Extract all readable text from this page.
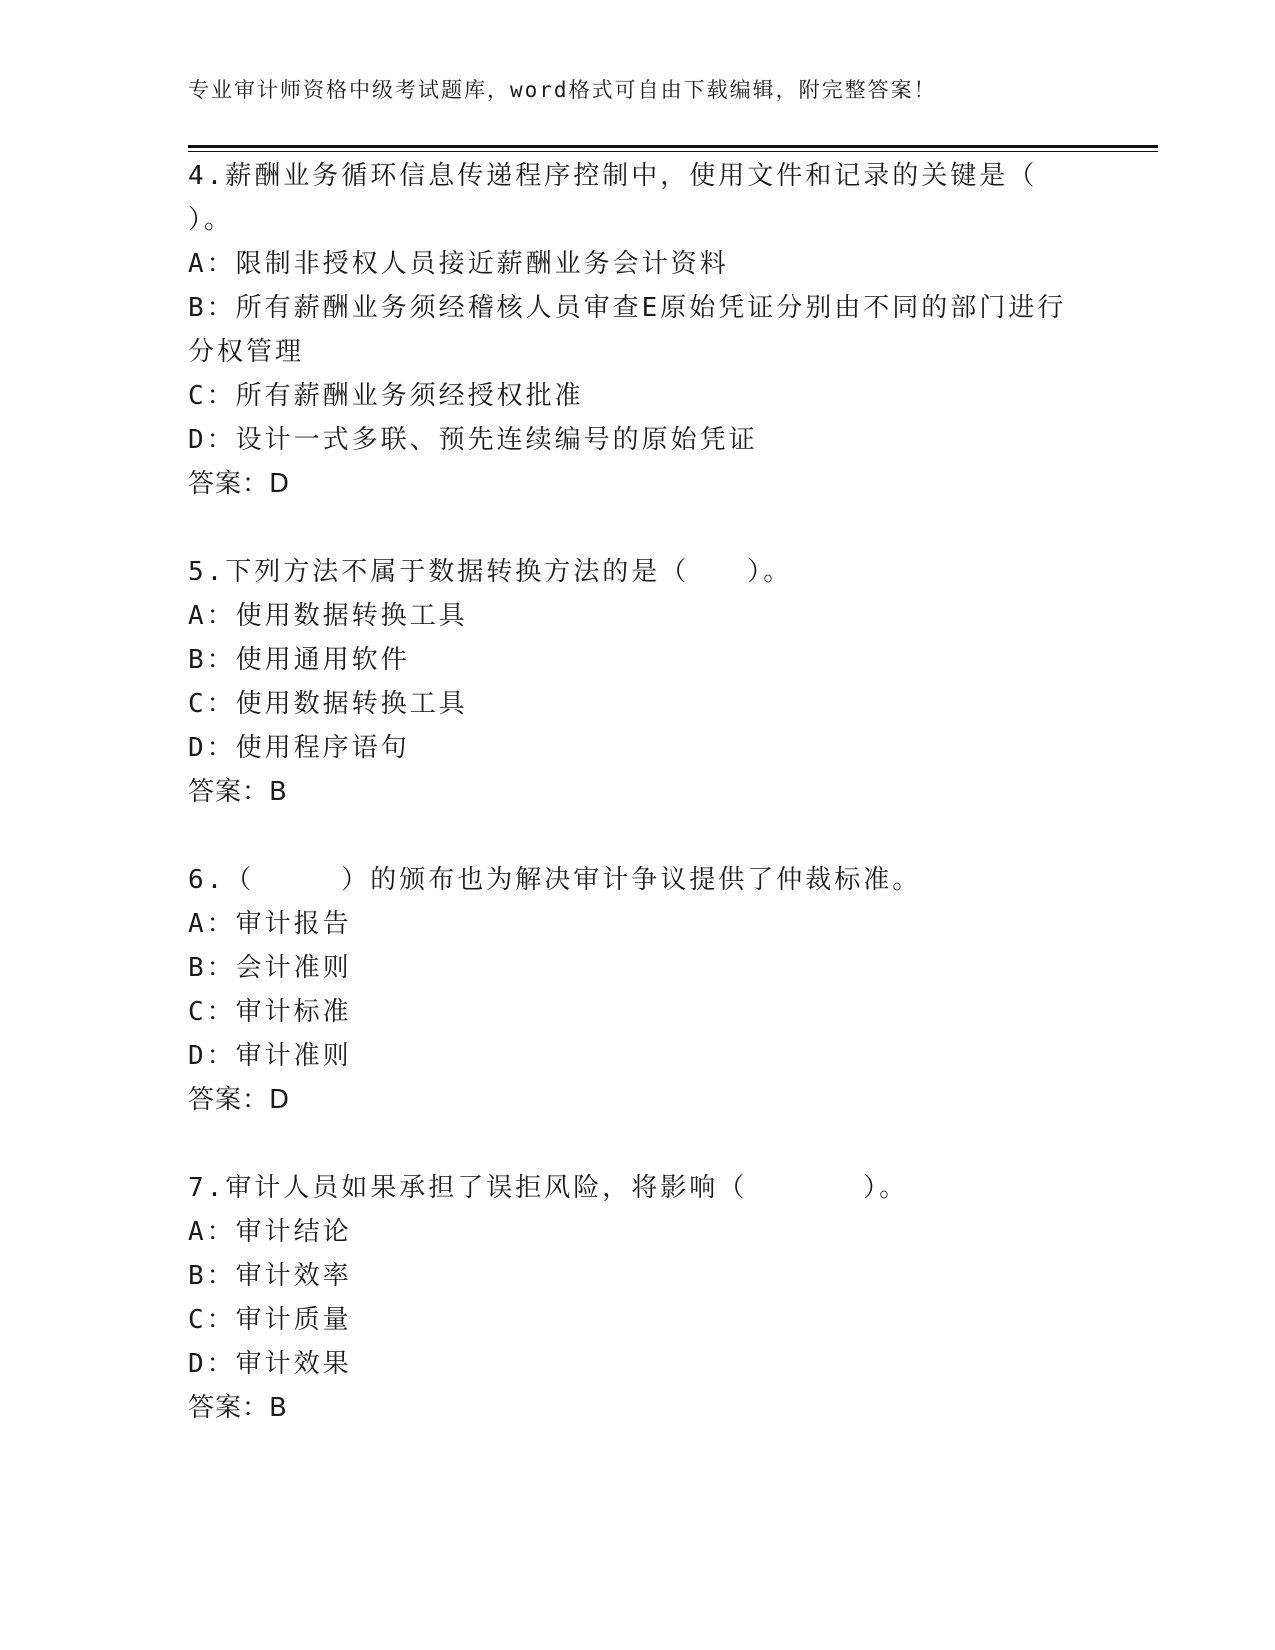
专业审计师资格中级考试题库，word格式可自由下载编辑，附完整答案！
4.薪酬业务循环信息传递程序控制中，使用文件和记录的关键是（
）。
A：限制非授权人员接近薪酬业务会计资料
B：所有薪酬业务须经稽核人员审查E原始凭证分别由不同的部门进行
分权管理
C：所有薪酬业务须经授权批准
D：设计一式多联、预先连续编号的原始凭证
答案：D
5.下列方法不属于数据转换方法的是（　　）。
A：使用数据转换工具
B：使用通用软件
C：使用数据转换工具
D：使用程序语句
答案：B
6.（　　　）的颁布也为解决审计争议提供了仲裁标准。
A：审计报告
B：会计准则
C：审计标准
D：审计准则
答案：D
7.审计人员如果承担了误拒风险，将影响（　　　　）。
A：审计结论
B：审计效率
C：审计质量
D：审计效果
答案：B
